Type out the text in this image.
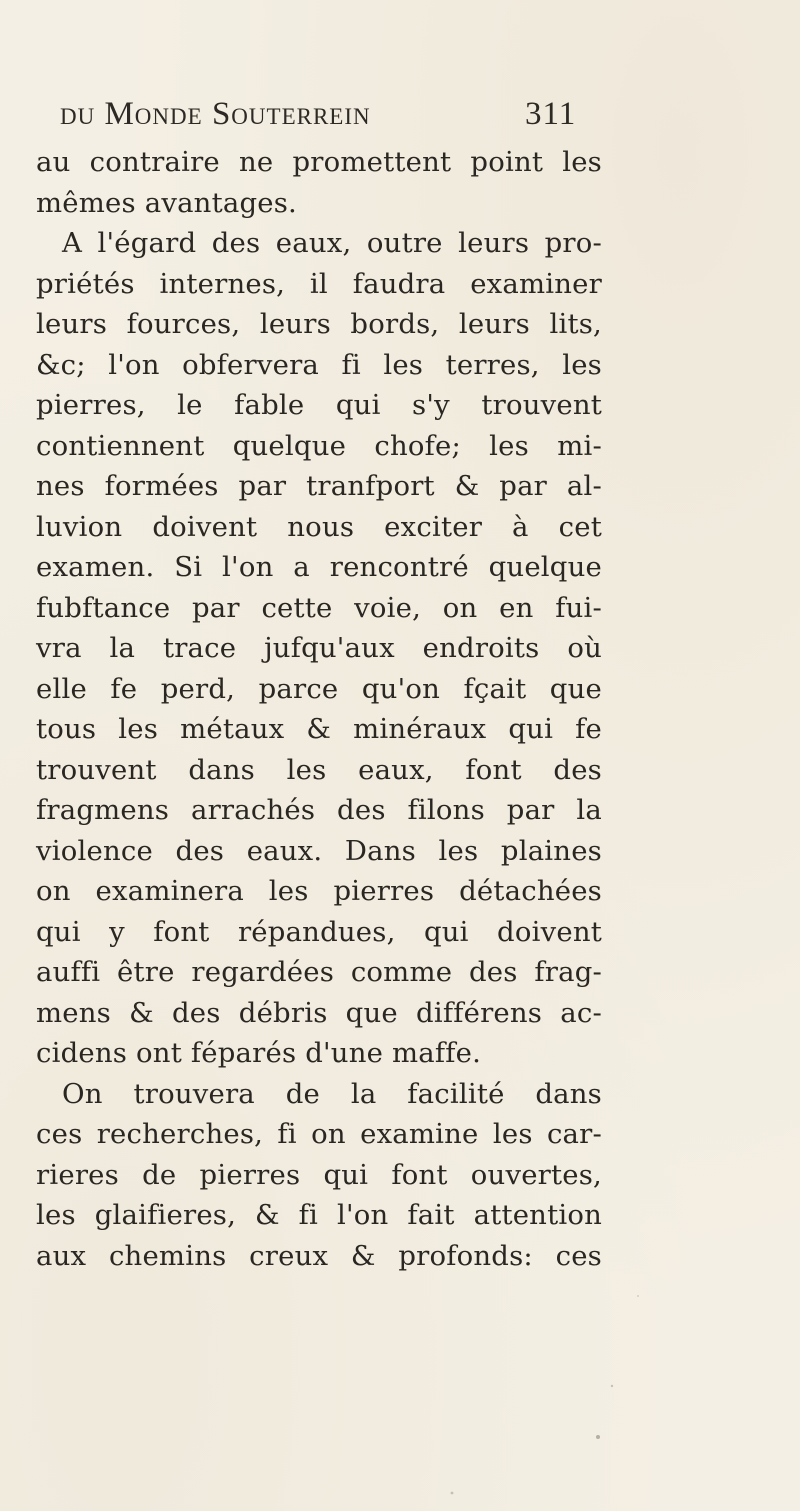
du Monde Souterrein	311
au contraire ne promettent point les
mêmes avantages.
A l'égard des eaux, outre leurs pro-
priétés internes, il faudra examiner
leurs fources, leurs bords, leurs lits,
&c; l'on obfervera fi les terres, les
pierres, le fable qui s'y trouvent
contiennent quelque chofe; les mi-
nes formées par tranfport & par al-
luvion doivent nous exciter à cet
examen. Si l'on a rencontré quelque
fubftance par cette voie, on en fui-
vra la trace jufqu'aux endroits où
elle fe perd, parce qu'on fçait que
tous les métaux & minéraux qui fe
trouvent dans les eaux, font des
fragmens arrachés des filons par la
violence des eaux. Dans les plaines
on examinera les pierres détachées
qui y font répandues, qui doivent
auffi être regardées comme des frag-
mens & des débris que différens ac-
cidens ont féparés d'une maffe.
On trouvera de la facilité dans
ces recherches, fi on examine les car-
rieres de pierres qui font ouvertes,
les glaifieres, & fi l'on fait attention
aux chemins creux & profonds: ces
